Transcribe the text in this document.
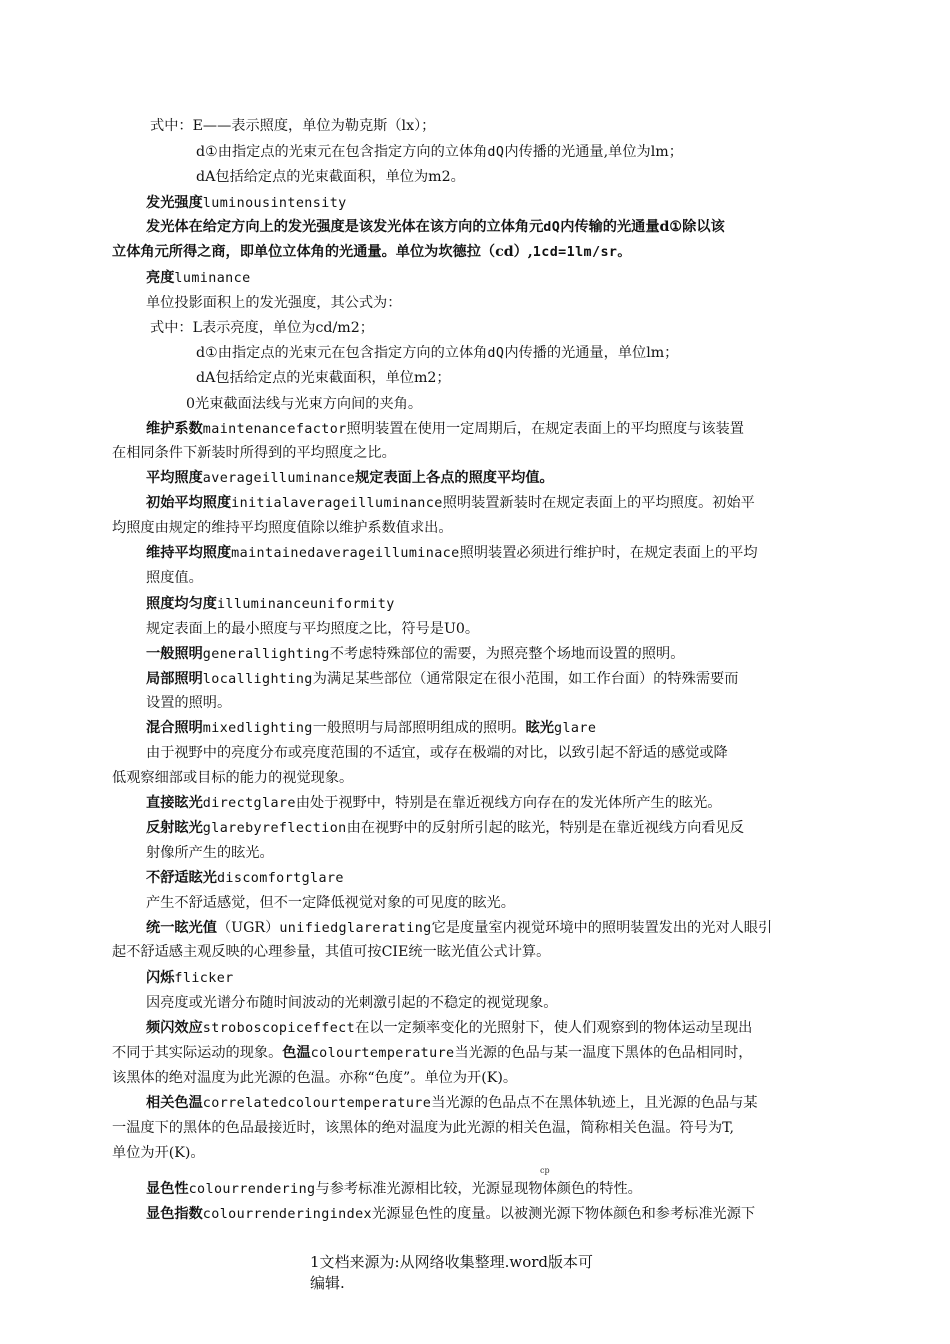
式中：E——表示照度，单位为勒克斯（lx）；
d①由指定点的光束元在包含指定方向的立体角dQ内传播的光通量,单位为lm；
dA包括给定点的光束截面积，单位为m2。
发光强度luminousintensity
发光体在给定方向上的发光强度是该发光体在该方向的立体角元dQ内传输的光通量d①除以该
立体角元所得之商，即单位立体角的光通量。单位为坎德拉（cd）,1cd=1lm/sr。
亮度luminance
单位投影面积上的发光强度，其公式为：
式中：L表示亮度，单位为cd/m2；
d①由指定点的光束元在包含指定方向的立体角dQ内传播的光通量，单位lm；
dA包括给定点的光束截面积，单位m2；
0光束截面法线与光束方向间的夹角。
维护系数maintenancefactor照明装置在使用一定周期后，在规定表面上的平均照度与该装置
在相同条件下新装时所得到的平均照度之比。
平均照度averageilluminance规定表面上各点的照度平均值。
初始平均照度initialaverageilluminance照明装置新装时在规定表面上的平均照度。初始平
均照度由规定的维持平均照度值除以维护系数值求出。
维持平均照度maintainedaverageilluminace照明装置必须进行维护时，在规定表面上的平均
照度值。
照度均匀度illuminanceuniformity
规定表面上的最小照度与平均照度之比，符号是U0。
一般照明generallighting不考虑特殊部位的需要，为照亮整个场地而设置的照明。
局部照明locallighting为满足某些部位（通常限定在很小范围，如工作台面）的特殊需要而
设置的照明。
混合照明mixedlighting一般照明与局部照明组成的照明。眩光glare
由于视野中的亮度分布或亮度范围的不适宜，或存在极端的对比，以致引起不舒适的感觉或降
低观察细部或目标的能力的视觉现象。
直接眩光directglare由处于视野中，特别是在靠近视线方向存在的发光体所产生的眩光。
反射眩光glarebyreflection由在视野中的反射所引起的眩光，特别是在靠近视线方向看见反
射像所产生的眩光。
不舒适眩光discomfortglare
产生不舒适感觉，但不一定降低视觉对象的可见度的眩光。
统一眩光值（UGR）unifiedglarerating它是度量室内视觉环境中的照明装置发出的光对人眼引
起不舒适感主观反映的心理参量，其值可按CIE统一眩光值公式计算。
闪烁flicker
因亮度或光谱分布随时间波动的光刺激引起的不稳定的视觉现象。
频闪效应stroboscopiceffect在以一定频率变化的光照射下，使人们观察到的物体运动呈现出
不同于其实际运动的现象。色温colourtemperature当光源的色品与某一温度下黑体的色品相同时，
该黑体的绝对温度为此光源的色温。亦称“色度”。单位为开(K)。
相关色温correlatedcolourtemperature当光源的色品点不在黑体轨迹上，且光源的色品与某
一温度下的黑体的色品最接近时，该黑体的绝对温度为此光源的相关色温，简称相关色温。符号为T,
单位为开(K)。
cp
显色性colourrendering与参考标准光源相比较，光源显现物体颜色的特性。
显色指数colourrenderingindex光源显色性的度量。以被测光源下物体颜色和参考标准光源下
1文档来源为:从网络收集整理.word版本可
编辑.
